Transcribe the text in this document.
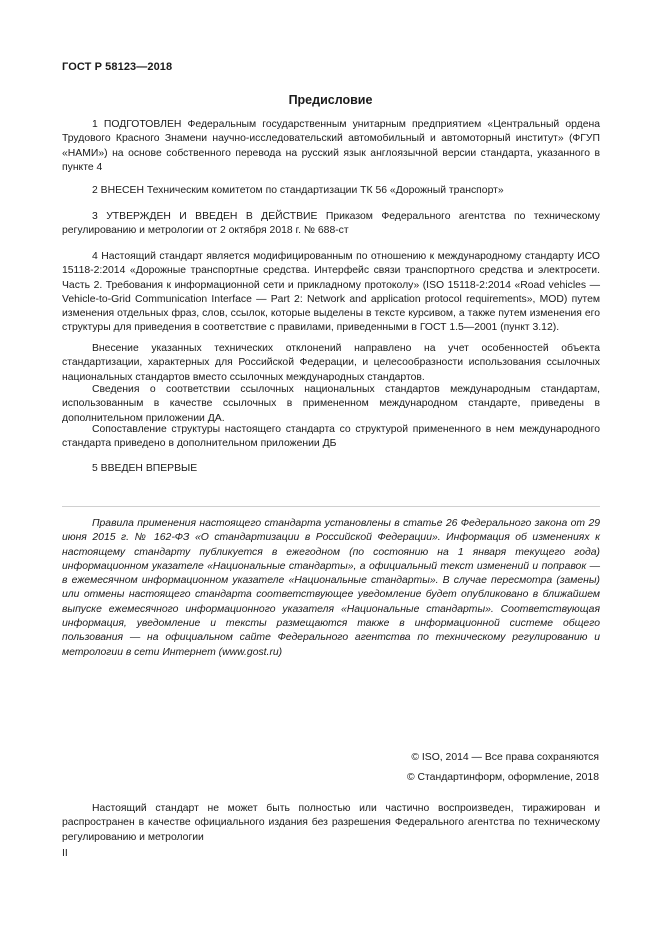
ГОСТ Р 58123—2018
Предисловие

1 ПОДГОТОВЛЕН Федеральным государственным унитарным предприятием «Центральный ордена Трудового Красного Знамени научно-исследовательский автомобильный и автомоторный институт» (ФГУП «НАМИ») на основе собственного перевода на русский язык англоязычной версии стандарта, указанного в пункте 4

2 ВНЕСЕН Техническим комитетом по стандартизации ТК 56 «Дорожный транспорт»

3 УТВЕРЖДЕН И ВВЕДЕН В ДЕЙСТВИЕ Приказом Федерального агентства по техническому регулированию и метрологии от 2 октября 2018 г. № 688-ст

4 Настоящий стандарт является модифицированным по отношению к международному стандарту ИСО 15118-2:2014 «Дорожные транспортные средства. Интерфейс связи транспортного средства и электросети. Часть 2. Требования к информационной сети и прикладному протоколу» (ISO 15118-2:2014 «Road vehicles — Vehicle-to-Grid Communication Interface — Part 2: Network and application protocol requirements», MOD) путем изменения отдельных фраз, слов, ссылок, которые выделены в тексте курсивом, а также путем изменения его структуры для приведения в соответствие с правилами, приведенными в ГОСТ 1.5—2001 (пункт 3.12).

Внесение указанных технических отклонений направлено на учет особенностей объекта стандартизации, характерных для Российской Федерации, и целесообразности использования ссылочных национальных стандартов вместо ссылочных международных стандартов.

Сведения о соответствии ссылочных национальных стандартов международным стандартам, использованным в качестве ссылочных в примененном международном стандарте, приведены в дополнительном приложении ДА.

Сопоставление структуры настоящего стандарта со структурой примененного в нем международного стандарта приведено в дополнительном приложении ДБ

5 ВВЕДЕН ВПЕРВЫЕ

Правила применения настоящего стандарта установлены в статье 26 Федерального закона от 29 июня 2015 г. № 162-ФЗ «О стандартизации в Российской Федерации». Информация об изменениях к настоящему стандарту публикуется в ежегодном (по состоянию на 1 января текущего года) информационном указателе «Национальные стандарты», а официальный текст изменений и поправок — в ежемесячном информационном указателе «Национальные стандарты». В случае пересмотра (замены) или отмены настоящего стандарта соответствующее уведомление будет опубликовано в ближайшем выпуске ежемесячного информационного указателя «Национальные стандарты». Соответствующая информация, уведомление и тексты размещаются также в информационной системе общего пользования — на официальном сайте Федерального агентства по техническому регулированию и метрологии в сети Интернет (www.gost.ru)

© ISO, 2014 — Все права сохраняются
© Стандартинформ, оформление, 2018

Настоящий стандарт не может быть полностью или частично воспроизведен, тиражирован и распространен в качестве официального издания без разрешения Федерального агентства по техническому регулированию и метрологии

II
